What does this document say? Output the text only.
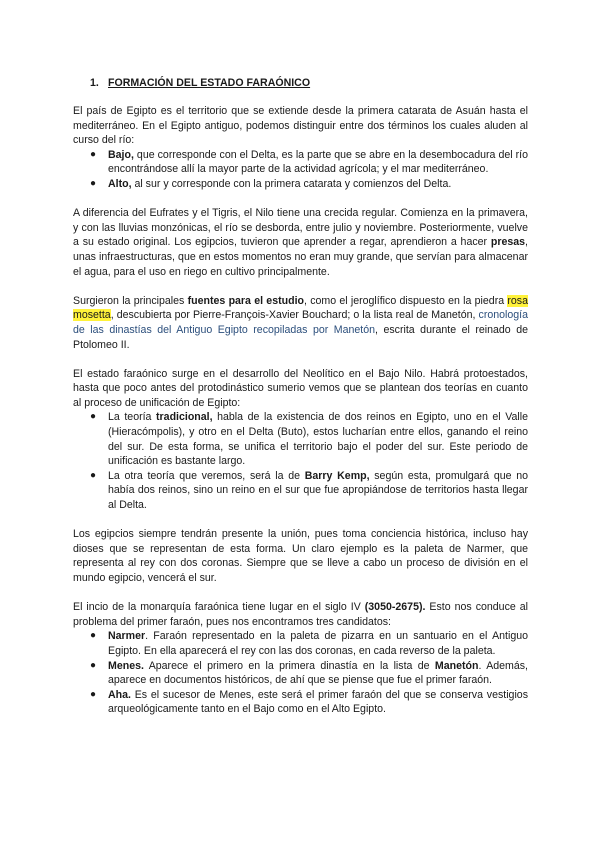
1. FORMACIÓN DEL ESTADO FARAÓNICO

El país de Egipto es el territorio que se extiende desde la primera catarata de Asuán hasta el mediterráneo. En el Egipto antiguo, podemos distinguir entre dos términos los cuales aluden al curso del río:

● Bajo, que corresponde con el Delta, es la parte que se abre en la desembocadura del río encontrándose allí la mayor parte de la actividad agrícola; y el mar mediterráneo.
● Alto, al sur y corresponde con la primera catarata y comienzos del Delta.

A diferencia del Eufrates y el Tigris, el Nilo tiene una crecida regular. Comienza en la primavera, y con las lluvias monzónicas, el río se desborda, entre julio y noviembre. Posteriormente, vuelve a su estado original. Los egipcios, tuvieron que aprender a regar, aprendieron a hacer presas, unas infraestructuras, que en estos momentos no eran muy grande, que servían para almacenar el agua, para el uso en riego en cultivo principalmente.

Surgieron la principales fuentes para el estudio, como el jeroglífico dispuesto en la piedra rosa mosetta, descubierta por Pierre-François-Xavier Bouchard; o la lista real de Manetón, cronología de las dinastías del Antiguo Egipto recopiladas por Manetón, escrita durante el reinado de Ptolomeo II.

El estado faraónico surge en el desarrollo del Neolítico en el Bajo Nilo. Habrá protoestados, hasta que poco antes del protodinástico sumerio vemos que se plantean dos teorías en cuanto al proceso de unificación de Egipto:

● La teoría tradicional, habla de la existencia de dos reinos en Egipto, uno en el Valle (Hieracómpolis), y otro en el Delta (Buto), estos lucharían entre ellos, ganando el reino del sur. De esta forma, se unifica el territorio bajo el poder del sur. Este periodo de unificación es bastante largo.
● La otra teoría que veremos, será la de Barry Kemp, según esta, promulgará que no había dos reinos, sino un reino en el sur que fue apropiándose de territorios hasta llegar al Delta.

Los egipcios siempre tendrán presente la unión, pues toma conciencia histórica, incluso hay dioses que se representan de esta forma. Un claro ejemplo es la paleta de Narmer, que representa al rey con dos coronas. Siempre que se lleve a cabo un proceso de división en el mundo egipcio, vencerá el sur.

El incio de la monarquía faraónica tiene lugar en el siglo IV (3050-2675). Esto nos conduce al problema del primer faraón, pues nos encontramos tres candidatos:

● Narmer. Faraón representado en la paleta de pizarra en un santuario en el Antiguo Egipto. En ella aparecerá el rey con las dos coronas, en cada reverso de la paleta.
● Menes. Aparece el primero en la primera dinastía en la lista de Manetón. Además, aparece en documentos históricos, de ahí que se piense que fue el primer faraón.
● Aha. Es el sucesor de Menes, este será el primer faraón del que se conserva vestigios arqueológicamente tanto en el Bajo como en el Alto Egipto.
